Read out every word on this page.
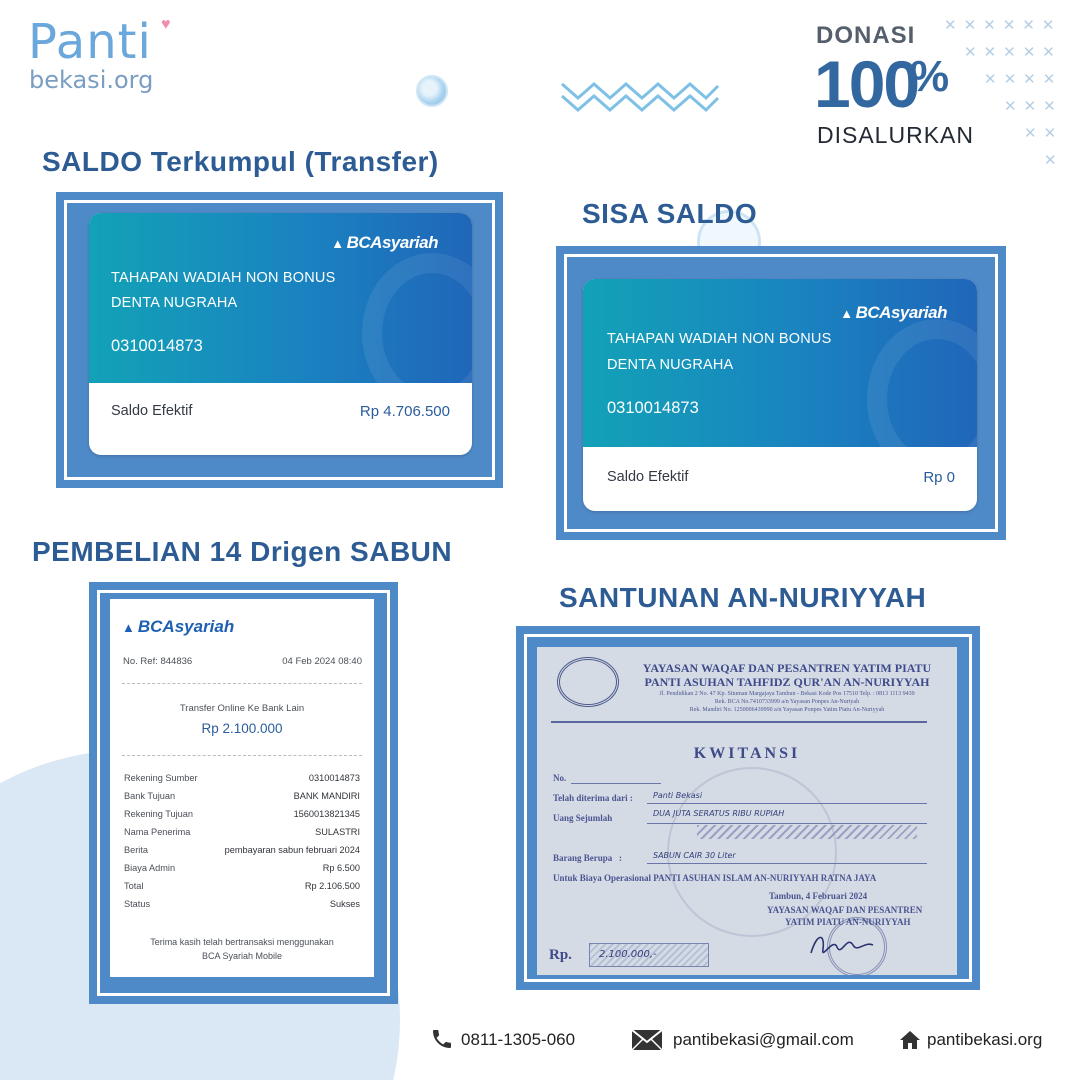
✕✕✕✕✕✕
✕✕✕✕✕
✕✕✕✕
✕✕✕
✕✕
✕
Panti ♥
bekasi.org
DONASI
100
%
DISALURKAN
SALDO Terkumpul (Transfer)
SISA SALDO
PEMBELIAN 14 Drigen SABUN
SANTUNAN AN-NURIYYAH
▲ BCAsyariah
TAHAPAN WADIAH NON BONUS
DENTA NUGRAHA
0310014873
Saldo Efektif	Rp 4.706.500
▲ BCAsyariah
TAHAPAN WADIAH NON BONUS
DENTA NUGRAHA
0310014873
Saldo Efektif	Rp 0
▲ BCAsyariah
No. Ref: 844836	04 Feb 2024 08:40
Transfer Online Ke Bank Lain
Rp 2.100.000
Rekening Sumber	0310014873
Bank Tujuan	BANK MANDIRI
Rekening Tujuan	1560013821345
Nama Penerima	SULASTRI
Berita	pembayaran sabun februari 2024
Biaya Admin	Rp 6.500
Total	Rp 2.106.500
Status	Sukses
Terima kasih telah bertransaksi menggunakan
BCA Syariah Mobile
YAYASAN WAQAF DAN PESANTREN YATIM PIATU
PANTI ASUHAN TAHFIDZ QUR'AN AN-NURIYYAH
Jl. Pendidikan 2 No. 47 Kp. Situman Margajaya Tambun - Bekasi Kode Pos 17510 Telp. : 0813 1113 9439
Rek. BCA No.7410733999 a/n Yayasan Ponpes An-Nuriyah
Rek. Mandiri No. 1250006439990 a/n Yayasan Ponpes Yatim Piatu An-Nuriyyah
KWITANSI
No.
Telah diterima dari :	Panti Bekasi
Uang Sejumlah	DUA JUTA SERATUS RIBU RUPIAH
Barang Berupa :	SABUN CAIR 30 Liter
Untuk Biaya Operasional PANTI ASUHAN ISLAM AN-NURIYYAH RATNA JAYA
Tambun, 4 Februari 2024
YAYASAN WAQAF DAN PESANTREN
YATIM PIATU AN-NURIYYAH
Rp.	2.100.000,-
0811-1305-060	pantibekasi@gmail.com	pantibekasi.org
